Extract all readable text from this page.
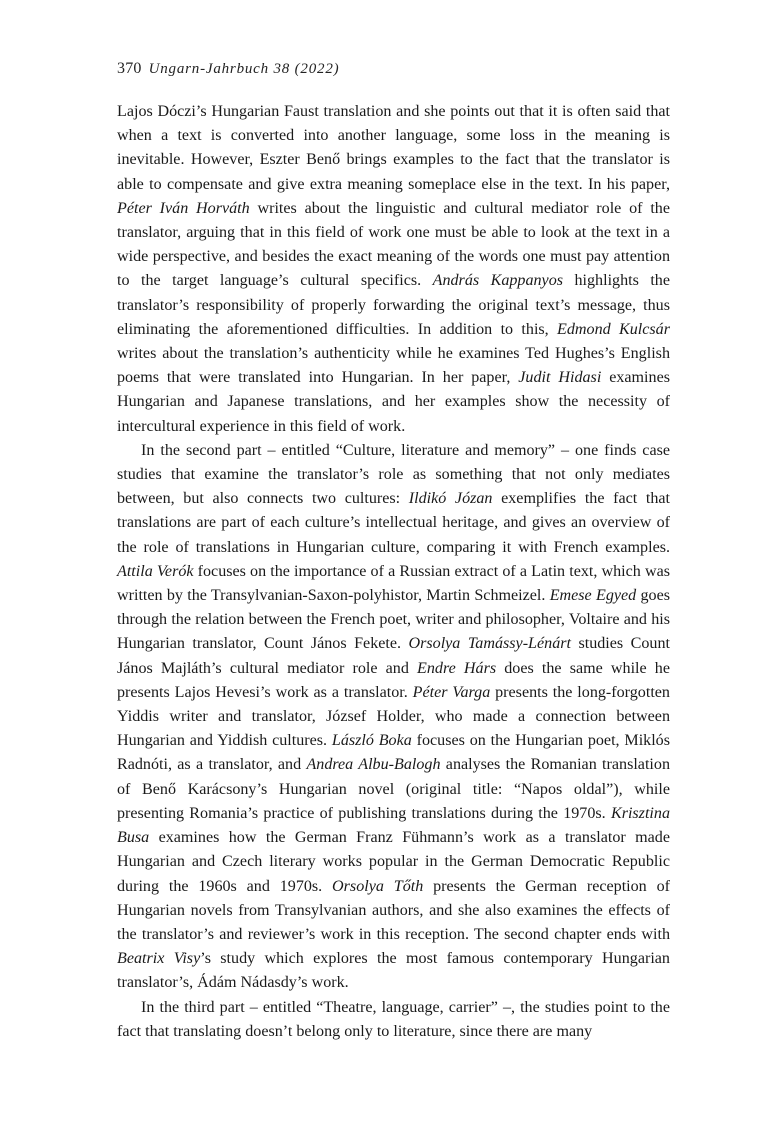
370 Ungarn-Jahrbuch 38 (2022)

Lajos Dóczi’s Hungarian Faust translation and she points out that it is often said that when a text is converted into another language, some loss in the meaning is inevitable. However, Eszter Benő brings examples to the fact that the translator is able to compensate and give extra meaning someplace else in the text. In his paper, Péter Iván Horváth writes about the linguistic and cultural mediator role of the translator, arguing that in this field of work one must be able to look at the text in a wide perspective, and besides the exact meaning of the words one must pay attention to the target language’s cultural specifics. András Kappanyos highlights the translator’s responsibility of properly forwarding the original text’s message, thus eliminating the aforementioned difficulties. In addition to this, Edmond Kulcsár writes about the translation’s authenticity while he examines Ted Hughes’s English poems that were translated into Hungarian. In her paper, Judit Hidasi examines Hungarian and Japanese translations, and her examples show the necessity of intercultural experience in this field of work.

In the second part – entitled “Culture, literature and memory” – one finds case studies that examine the translator’s role as something that not only mediates between, but also connects two cultures: Ildikó Józan exemplifies the fact that translations are part of each culture’s intellectual heritage, and gives an overview of the role of translations in Hungarian culture, comparing it with French examples. Attila Verók focuses on the importance of a Russian extract of a Latin text, which was written by the Transylvanian-Saxon-polyhistor, Martin Schmeizel. Emese Egyed goes through the relation between the French poet, writer and philosopher, Voltaire and his Hungarian translator, Count János Fekete. Orsolya Tamássy-Lénárt studies Count János Majláth’s cultural mediator role and Endre Hárs does the same while he presents Lajos Hevesi’s work as a translator. Péter Varga presents the long-forgotten Yiddis writer and translator, József Holder, who made a connection between Hungarian and Yiddish cultures. László Boka focuses on the Hungarian poet, Miklós Radnóti, as a translator, and Andrea Albu-Balogh analyses the Romanian translation of Benő Karácsony’s Hungarian novel (original title: “Napos oldal”), while presenting Romania’s practice of publishing translations during the 1970s. Krisztina Busa examines how the German Franz Fühmann’s work as a translator made Hungarian and Czech literary works popular in the German Democratic Republic during the 1960s and 1970s. Orsolya Tőth presents the German reception of Hungarian novels from Transylvanian authors, and she also examines the effects of the translator’s and reviewer’s work in this reception. The second chapter ends with Beatrix Visy’s study which explores the most famous contemporary Hungarian translator’s, Ádám Nádasdy’s work.

In the third part – entitled “Theatre, language, carrier” –, the studies point to the fact that translating doesn’t belong only to literature, since there are many
